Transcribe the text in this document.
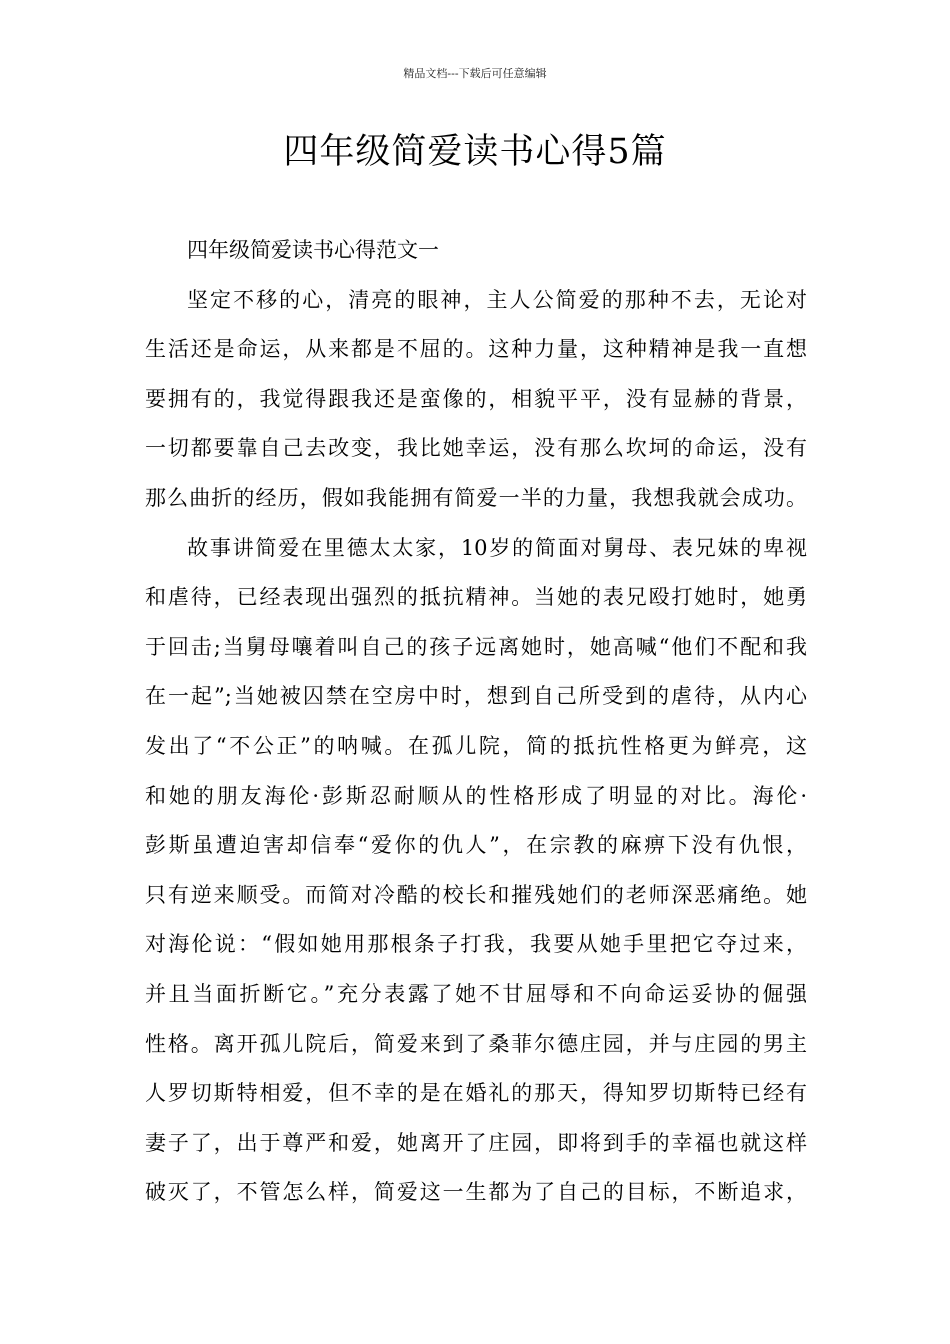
精品文档---下载后可任意编辑
四年级简爱读书心得5篇

四年级简爱读书心得范文一

坚定不移的心，清亮的眼神，主人公简爱的那种不去，无论对
生活还是命运，从来都是不屈的。这种力量，这种精神是我一直想
要拥有的，我觉得跟我还是蛮像的，相貌平平，没有显赫的背景，
一切都要靠自己去改变，我比她幸运，没有那么坎坷的命运，没有
那么曲折的经历，假如我能拥有简爱一半的力量，我想我就会成功。

故事讲简爱在里德太太家，10岁的简面对舅母、表兄妹的卑视
和虐待，已经表现出强烈的抵抗精神。当她的表兄殴打她时，她勇
于回击;当舅母嚷着叫自己的孩子远离她时，她高喊“他们不配和我
在一起”;当她被囚禁在空房中时，想到自己所受到的虐待，从内心
发出了“不公正”的呐喊。在孤儿院，简的抵抗性格更为鲜亮，这
和她的朋友海伦·彭斯忍耐顺从的性格形成了明显的对比。海伦·
彭斯虽遭迫害却信奉“爱你的仇人”，在宗教的麻痹下没有仇恨，
只有逆来顺受。而简对冷酷的校长和摧残她们的老师深恶痛绝。她
对海伦说：“假如她用那根条子打我，我要从她手里把它夺过来，
并且当面折断它。”充分表露了她不甘屈辱和不向命运妥协的倔强
性格。离开孤儿院后，简爱来到了桑菲尔德庄园，并与庄园的男主
人罗切斯特相爱，但不幸的是在婚礼的那天，得知罗切斯特已经有
妻子了，出于尊严和爱，她离开了庄园，即将到手的幸福也就这样
破灭了，不管怎么样，简爱这一生都为了自己的目标，不断追求，
